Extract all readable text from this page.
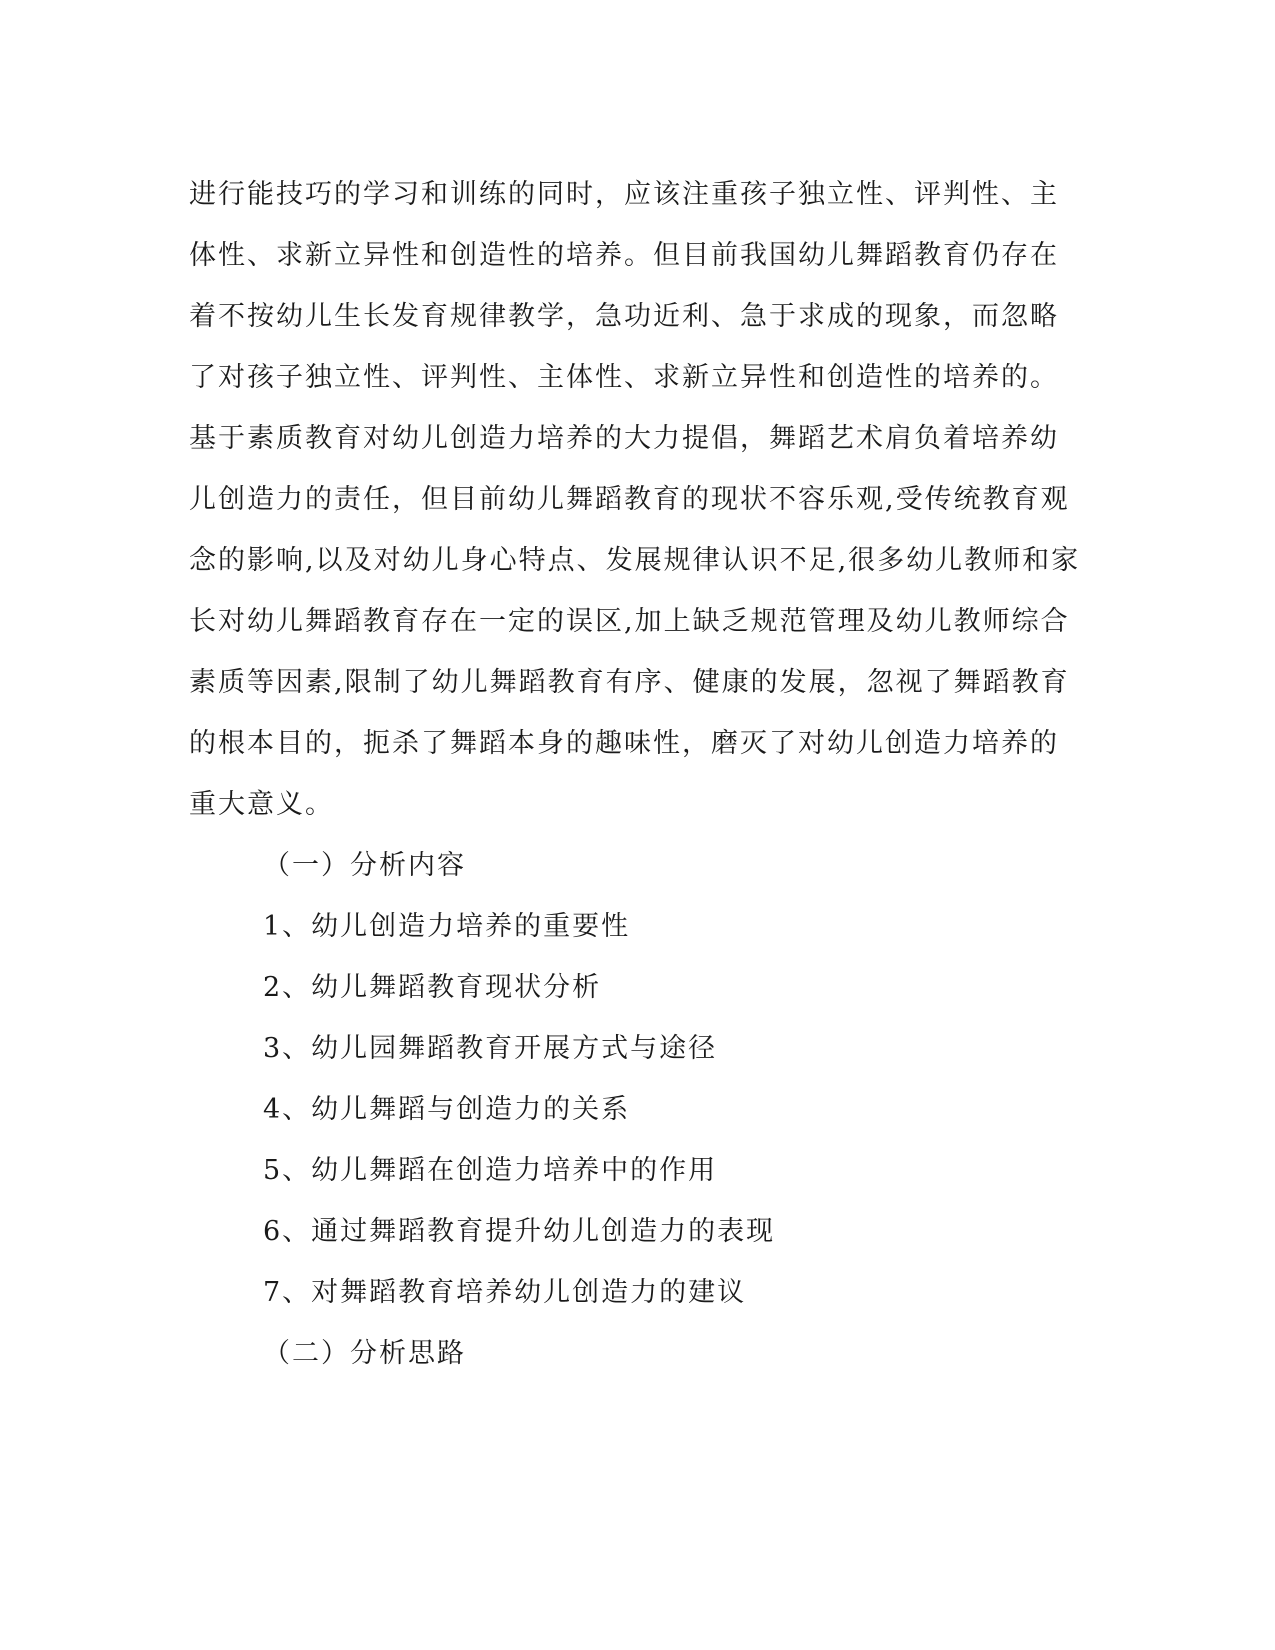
进行能技巧的学习和训练的同时，应该注重孩子独立性、评判性、主
体性、求新立异性和创造性的培养。但目前我国幼儿舞蹈教育仍存在
着不按幼儿生长发育规律教学，急功近利、急于求成的现象，而忽略
了对孩子独立性、评判性、主体性、求新立异性和创造性的培养的。
基于素质教育对幼儿创造力培养的大力提倡，舞蹈艺术肩负着培养幼
儿创造力的责任，但目前幼儿舞蹈教育的现状不容乐观,受传统教育观
念的影响,以及对幼儿身心特点、发展规律认识不足,很多幼儿教师和家
长对幼儿舞蹈教育存在一定的误区,加上缺乏规范管理及幼儿教师综合
素质等因素,限制了幼儿舞蹈教育有序、健康的发展，忽视了舞蹈教育
的根本目的，扼杀了舞蹈本身的趣味性，磨灭了对幼儿创造力培养的
重大意义。
（一）分析内容
1、幼儿创造力培养的重要性
2、幼儿舞蹈教育现状分析
3、幼儿园舞蹈教育开展方式与途径
4、幼儿舞蹈与创造力的关系
5、幼儿舞蹈在创造力培养中的作用
6、通过舞蹈教育提升幼儿创造力的表现
7、对舞蹈教育培养幼儿创造力的建议
（二）分析思路
